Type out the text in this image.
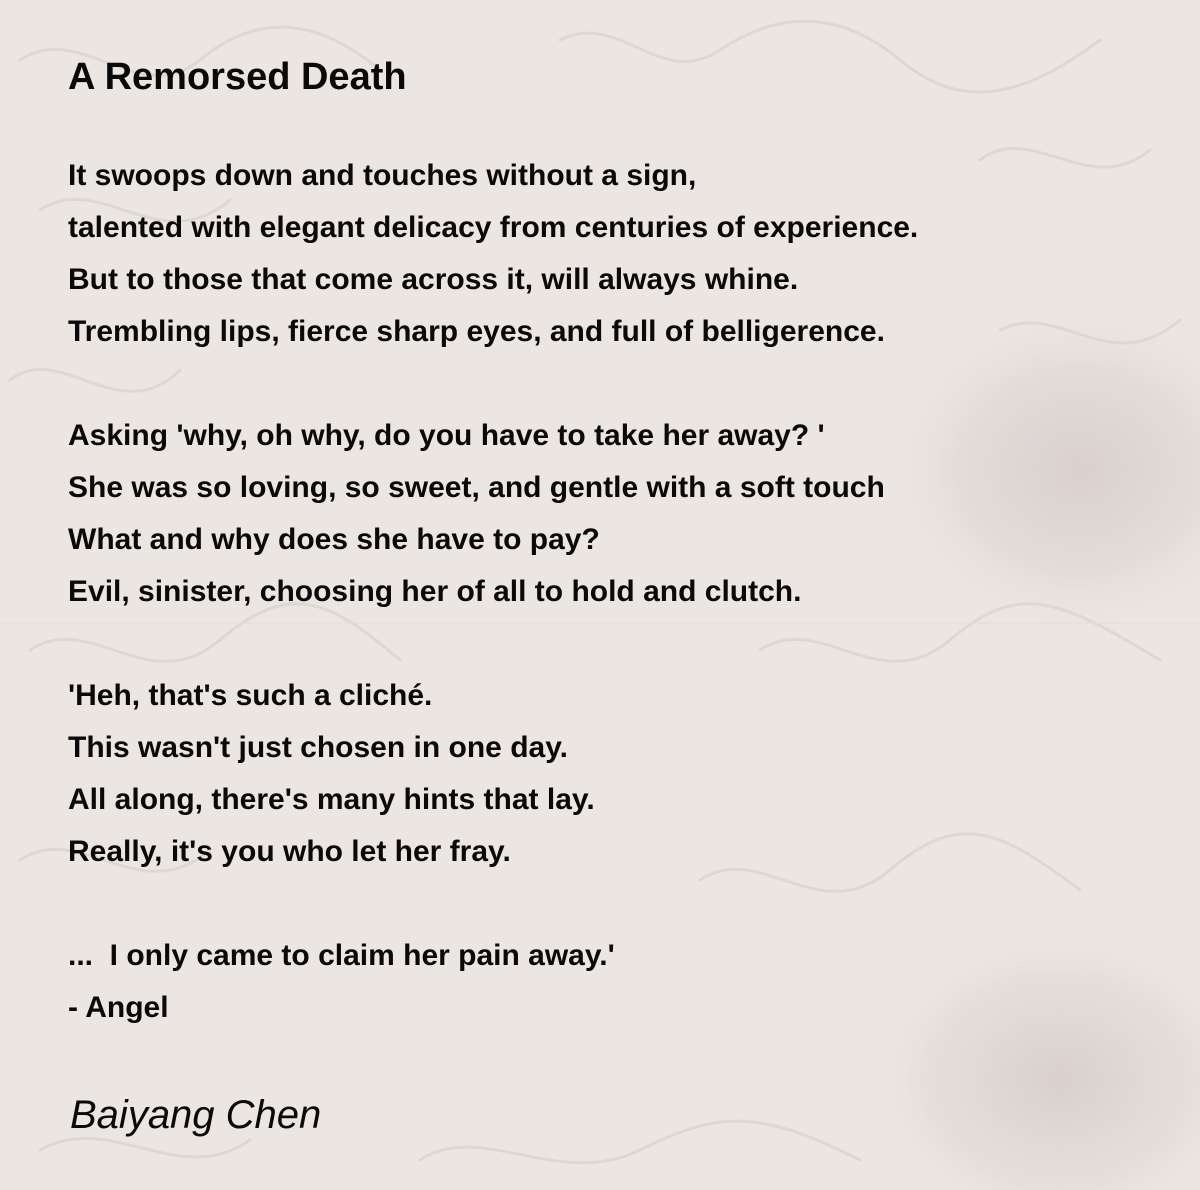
A Remorsed Death
It swoops down and touches without a sign,
talented with elegant delicacy from centuries of experience.
But to those that come across it, will always whine.
Trembling lips, fierce sharp eyes, and full of belligerence.
Asking 'why, oh why, do you have to take her away? '
She was so loving, so sweet, and gentle with a soft touch
What and why does she have to pay?
Evil, sinister, choosing her of all to hold and clutch.
'Heh, that's such a cliché.
This wasn't just chosen in one day.
All along, there's many hints that lay.
Really, it's you who let her fray.
...  I only came to claim her pain away.'
- Angel
Baiyang Chen
